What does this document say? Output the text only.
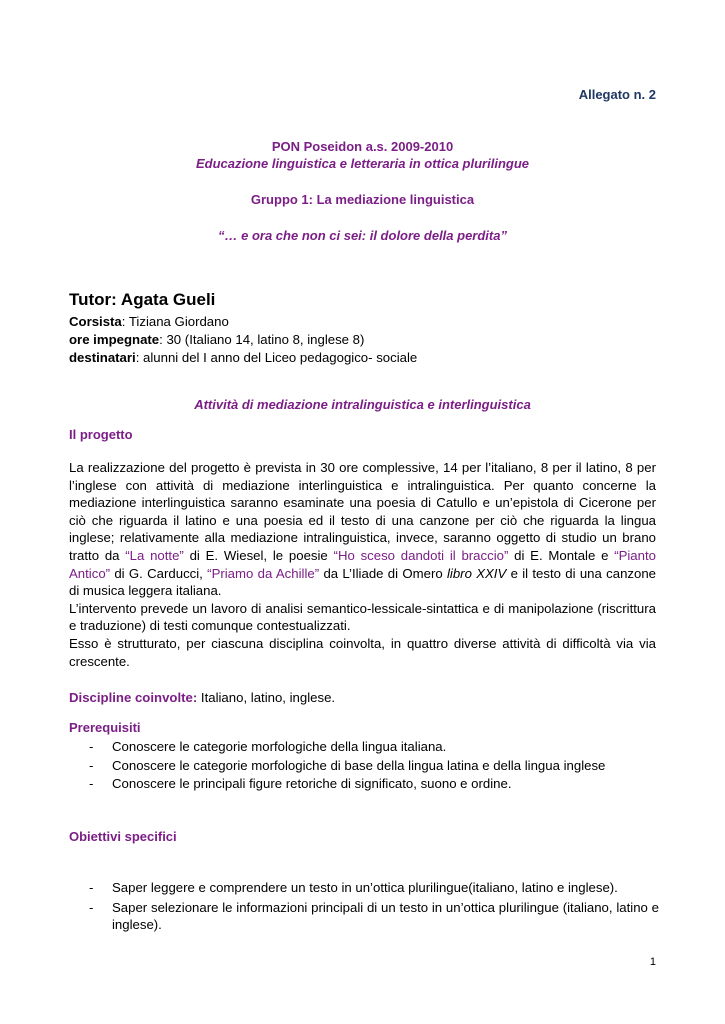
Allegato n. 2
PON Poseidon a.s. 2009-2010
Educazione linguistica e letteraria in ottica plurilingue
Gruppo 1: La mediazione linguistica
“… e ora che non ci sei: il dolore della perdita”
Tutor: Agata Gueli
Corsista: Tiziana Giordano
ore impegnate: 30 (Italiano 14, latino 8, inglese 8)
destinatari: alunni del I anno del Liceo pedagogico- sociale
Attività di mediazione intralinguistica e interlinguistica
Il progetto

La realizzazione del progetto è prevista in 30 ore complessive, 14 per l’italiano, 8 per il latino, 8 per l’inglese con attività di mediazione interlinguistica e intralinguistica. Per quanto concerne la mediazione interlinguistica saranno esaminate una poesia di Catullo e un’epistola di Cicerone per ciò che riguarda il latino e una poesia ed il testo di una canzone per ciò che riguarda la lingua inglese; relativamente alla mediazione intralinguistica, invece, saranno oggetto di studio un brano tratto da “La notte” di E. Wiesel, le poesie “Ho sceso dandoti il braccio” di E. Montale e “Pianto Antico” di G. Carducci, “Priamo da Achille” da L’Iliade di Omero libro XXIV e il testo di una canzone di musica leggera italiana.

L’intervento prevede un lavoro di analisi semantico-lessicale-sintattica e di manipolazione (riscrittura e traduzione) di testi comunque contestualizzati.

Esso è strutturato, per ciascuna disciplina coinvolta, in quattro diverse attività di difficoltà via via crescente.

Discipline coinvolte: Italiano, latino, inglese.
Prerequisiti
-	Conoscere le categorie morfologiche della lingua italiana.
-	Conoscere le categorie morfologiche di base della lingua latina e della lingua inglese
-	Conoscere le principali figure retoriche di significato, suono e ordine.
Obiettivi specifici
-	Saper leggere e comprendere un testo in un’ottica plurilingue(italiano, latino e inglese).
-	Saper selezionare le informazioni principali di un testo in un’ottica plurilingue (italiano, latino e inglese).
1
